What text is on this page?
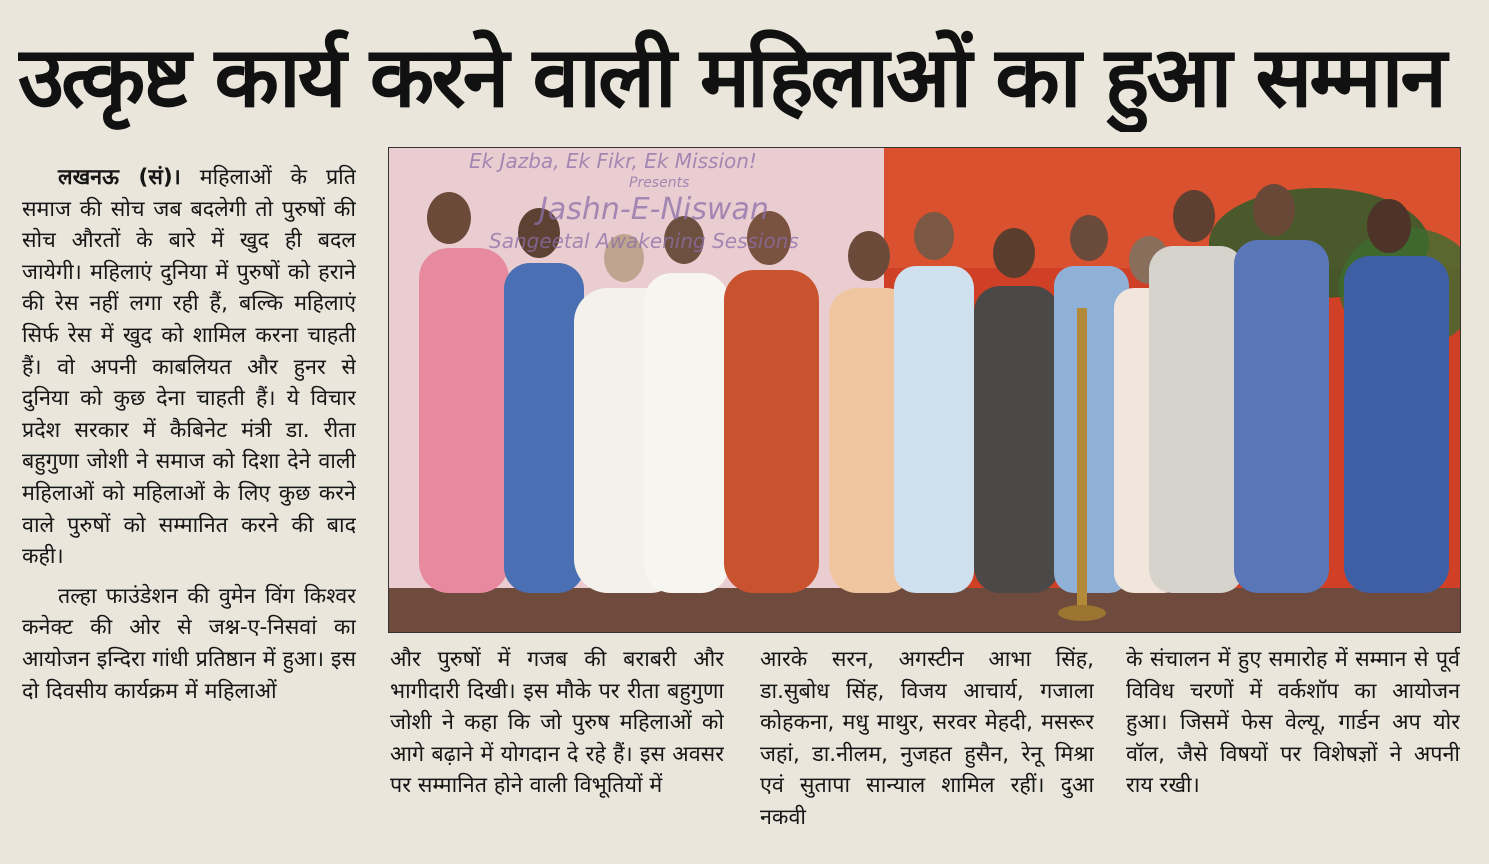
उत्कृष्ट कार्य करने वाली महिलाओं का हुआ सम्मान

लखनऊ (सं)। महिलाओं के प्रति समाज की सोच जब बदलेगी तो पुरुषों की सोच औरतों के बारे में खुद ही बदल जायेगी। महिलाएं दुनिया में पुरुषों को हराने की रेस नहीं लगा रही हैं, बल्कि महिलाएं सिर्फ रेस में खुद को शामिल करना चाहती हैं। वो अपनी काबलियत और हुनर से दुनिया को कुछ देना चाहती हैं। ये विचार प्रदेश सरकार में कैबिनेट मंत्री डा. रीता बहुगुणा जोशी ने समाज को दिशा देने वाली महिलाओं को महिलाओं के लिए कुछ करने वाले पुरुषों को सम्मानित करने की बाद कही।

तल्हा फाउंडेशन की वुमेन विंग किश्वर कनेक्ट की ओर से जश्न-ए-निसवां का आयोजन इन्दिरा गांधी प्रतिष्ठान में हुआ। इस दो दिवसीय कार्यक्रम में महिलाओं

Ek Jazba, Ek Fikr, Ek Mission!
Presents
Jashn-E-Niswan
Sangeetal Awakening Sessions

और पुरुषों में गजब की बराबरी और भागीदारी दिखी। इस मौके पर रीता बहुगुणा जोशी ने कहा कि जो पुरुष महिलाओं को आगे बढ़ाने में योगदान दे रहे हैं। इस अवसर पर सम्मानित होने वाली विभूतियों में

आरके सरन, अगस्टीन आभा सिंह, डा.सुबोध सिंह, विजय आचार्य, गजाला कोहकना, मधु माथुर, सरवर मेहदी, मसरूर जहां, डा.नीलम, नुजहत हुसैन, रेनू मिश्रा एवं सुतापा सान्याल शामिल रहीं। दुआ नकवी

के संचालन में हुए समारोह में सम्मान से पूर्व विविध चरणों में वर्कशॉप का आयोजन हुआ। जिसमें फेस वेल्यू, गार्डन अप योर वॉल, जैसे विषयों पर विशेषज्ञों ने अपनी राय रखी।
